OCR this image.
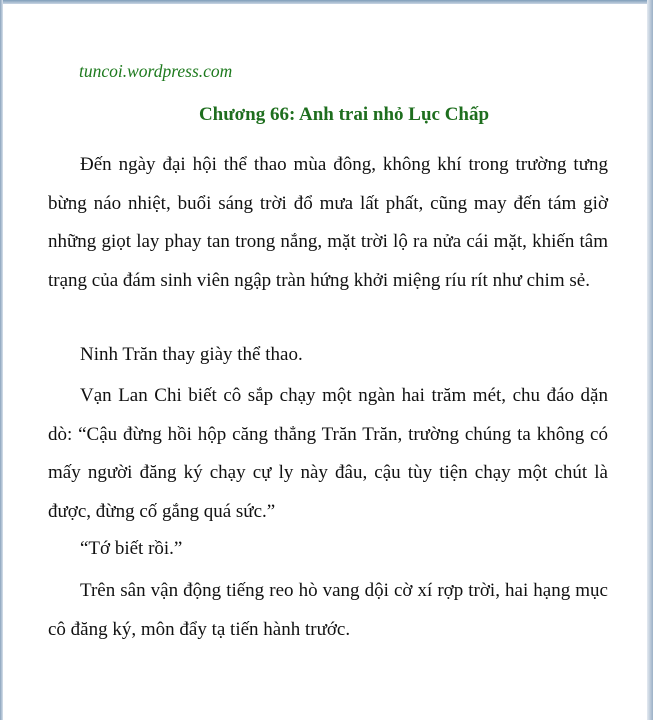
tuncoi.wordpress.com
Chương 66: Anh trai nhỏ Lục Chấp

Đến ngày đại hội thể thao mùa đông, không khí trong trường tưng bừng náo nhiệt, buổi sáng trời đổ mưa lất phất, cũng may đến tám giờ những giọt lay phay tan trong nắng, mặt trời lộ ra nửa cái mặt, khiến tâm trạng của đám sinh viên ngập tràn hứng khởi miệng ríu rít như chim sẻ.

Ninh Trăn thay giày thể thao.

Vạn Lan Chi biết cô sắp chạy một ngàn hai trăm mét, chu đáo dặn dò: “Cậu đừng hồi hộp căng thẳng Trăn Trăn, trường chúng ta không có mấy người đăng ký chạy cự ly này đâu, cậu tùy tiện chạy một chút là được, đừng cố gắng quá sức.”

“Tớ biết rồi.”

Trên sân vận động tiếng reo hò vang dội cờ xí rợp trời, hai hạng mục cô đăng ký, môn đẩy tạ tiến hành trước.
